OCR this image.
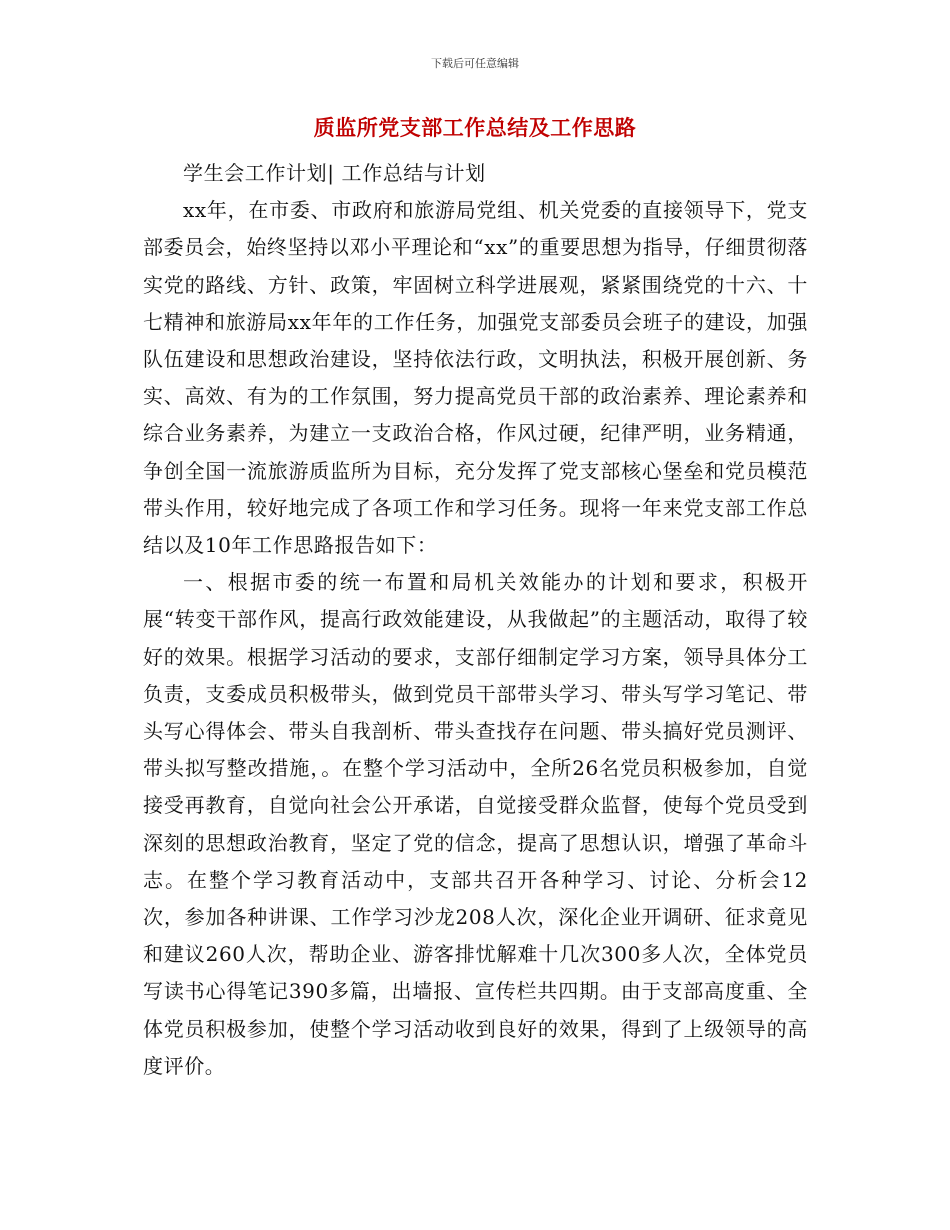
下载后可任意编辑
质监所党支部工作总结及工作思路

学生会工作计划| 工作总结与计划

xx年，在市委、市政府和旅游局党组、机关党委的直接领导下，党支部委员会，始终坚持以邓小平理论和“xx”的重要思想为指导，仔细贯彻落实党的路线、方针、政策，牢固树立科学进展观，紧紧围绕党的十六、十七精神和旅游局xx年年的工作任务，加强党支部委员会班子的建设，加强队伍建设和思想政治建设，坚持依法行政，文明执法，积极开展创新、务实、高效、有为的工作氛围，努力提高党员干部的政治素养、理论素养和综合业务素养，为建立一支政治合格，作风过硬，纪律严明，业务精通，争创全国一流旅游质监所为目标，充分发挥了党支部核心堡垒和党员模范带头作用，较好地完成了各项工作和学习任务。现将一年来党支部工作总结以及10年工作思路报告如下：

一、根据市委的统一布置和局机关效能办的计划和要求，积极开展“转变干部作风，提高行政效能建设，从我做起”的主题活动，取得了较好的效果。根据学习活动的要求，支部仔细制定学习方案，领导具体分工负责，支委成员积极带头，做到党员干部带头学习、带头写学习笔记、带头写心得体会、带头自我剖析、带头查找存在问题、带头搞好党员测评、带头拟写整改措施，。在整个学习活动中，全所26名党员积极参加，自觉接受再教育，自觉向社会公开承诺，自觉接受群众监督，使每个党员受到深刻的思想政治教育，坚定了党的信念，提高了思想认识，增强了革命斗志。在整个学习教育活动中，支部共召开各种学习、讨论、分析会12次，参加各种讲课、工作学习沙龙208人次，深化企业开调研、征求竟见和建议260人次，帮助企业、游客排忧解难十几次300多人次，全体党员写读书心得笔记390多篇，出墙报、宣传栏共四期。由于支部高度重、全体党员积极参加，使整个学习活动收到良好的效果，得到了上级领导的高度评价。
